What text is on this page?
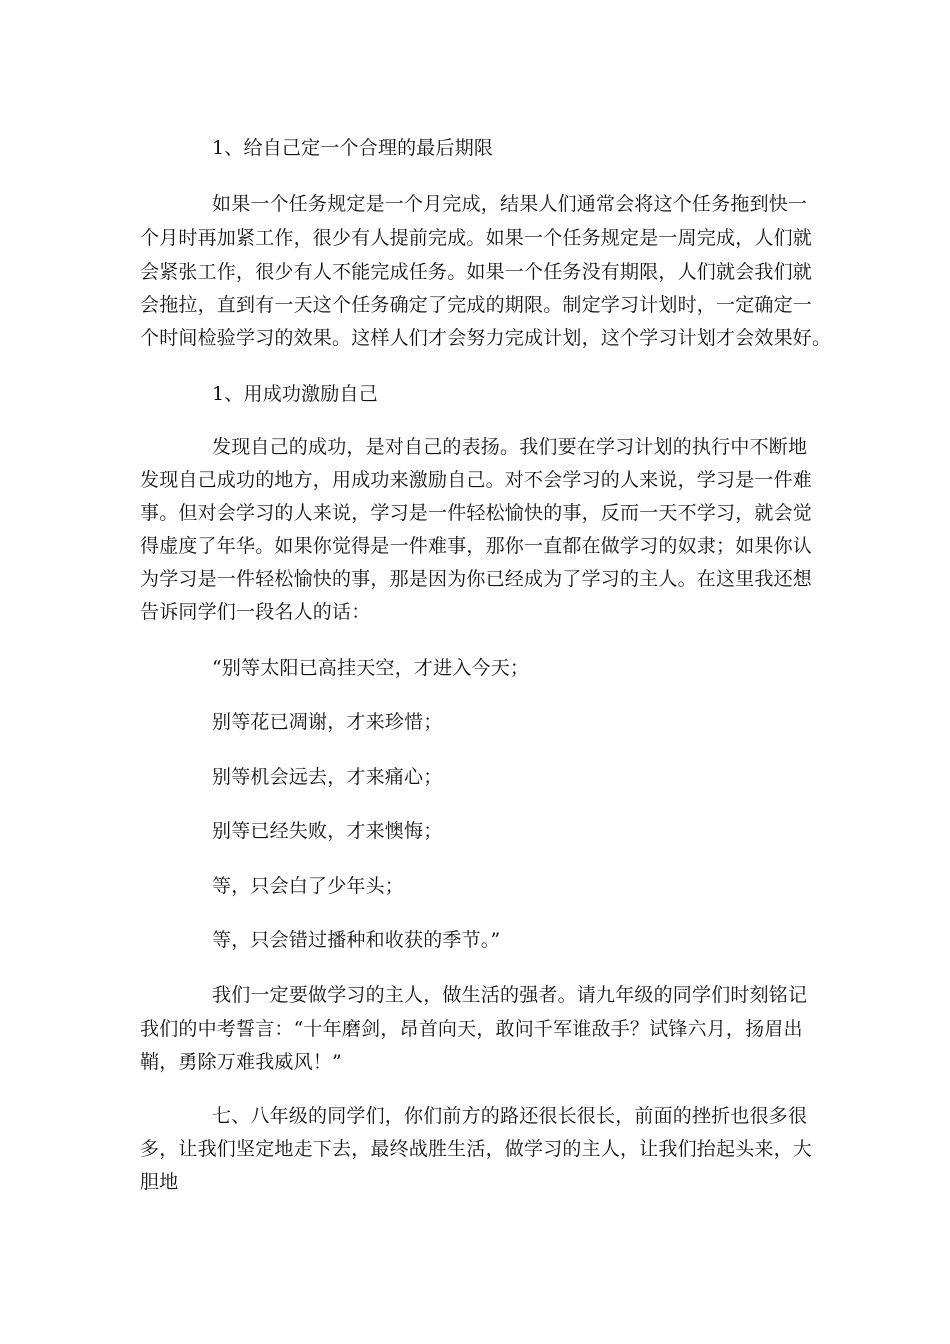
1、给自己定一个合理的最后期限
如果一个任务规定是一个月完成，结果人们通常会将这个任务拖到快一
个月时再加紧工作，很少有人提前完成。如果一个任务规定是一周完成，人们就
会紧张工作，很少有人不能完成任务。如果一个任务没有期限，人们就会我们就
会拖拉，直到有一天这个任务确定了完成的期限。制定学习计划时，一定确定一
个时间检验学习的效果。这样人们才会努力完成计划，这个学习计划才会效果好。
1、用成功激励自己
发现自己的成功，是对自己的表扬。我们要在学习计划的执行中不断地
发现自己成功的地方，用成功来激励自己。对不会学习的人来说，学习是一件难
事。但对会学习的人来说，学习是一件轻松愉快的事，反而一天不学习，就会觉
得虚度了年华。如果你觉得是一件难事，那你一直都在做学习的奴隶；如果你认
为学习是一件轻松愉快的事，那是因为你已经成为了学习的主人。在这里我还想
告诉同学们一段名人的话：
“别等太阳已高挂天空，才进入今天；
别等花已凋谢，才来珍惜；
别等机会远去，才来痛心；
别等已经失败，才来懊悔；
等，只会白了少年头；
等，只会错过播种和收获的季节。”
我们一定要做学习的主人，做生活的强者。请九年级的同学们时刻铭记
我们的中考誓言：“十年磨剑，昂首向天，敢问千军谁敌手？试锋六月，扬眉出
鞘，勇除万难我威风！”
七、八年级的同学们，你们前方的路还很长很长，前面的挫折也很多很
多，让我们坚定地走下去，最终战胜生活，做学习的主人，让我们抬起头来，大
胆地
